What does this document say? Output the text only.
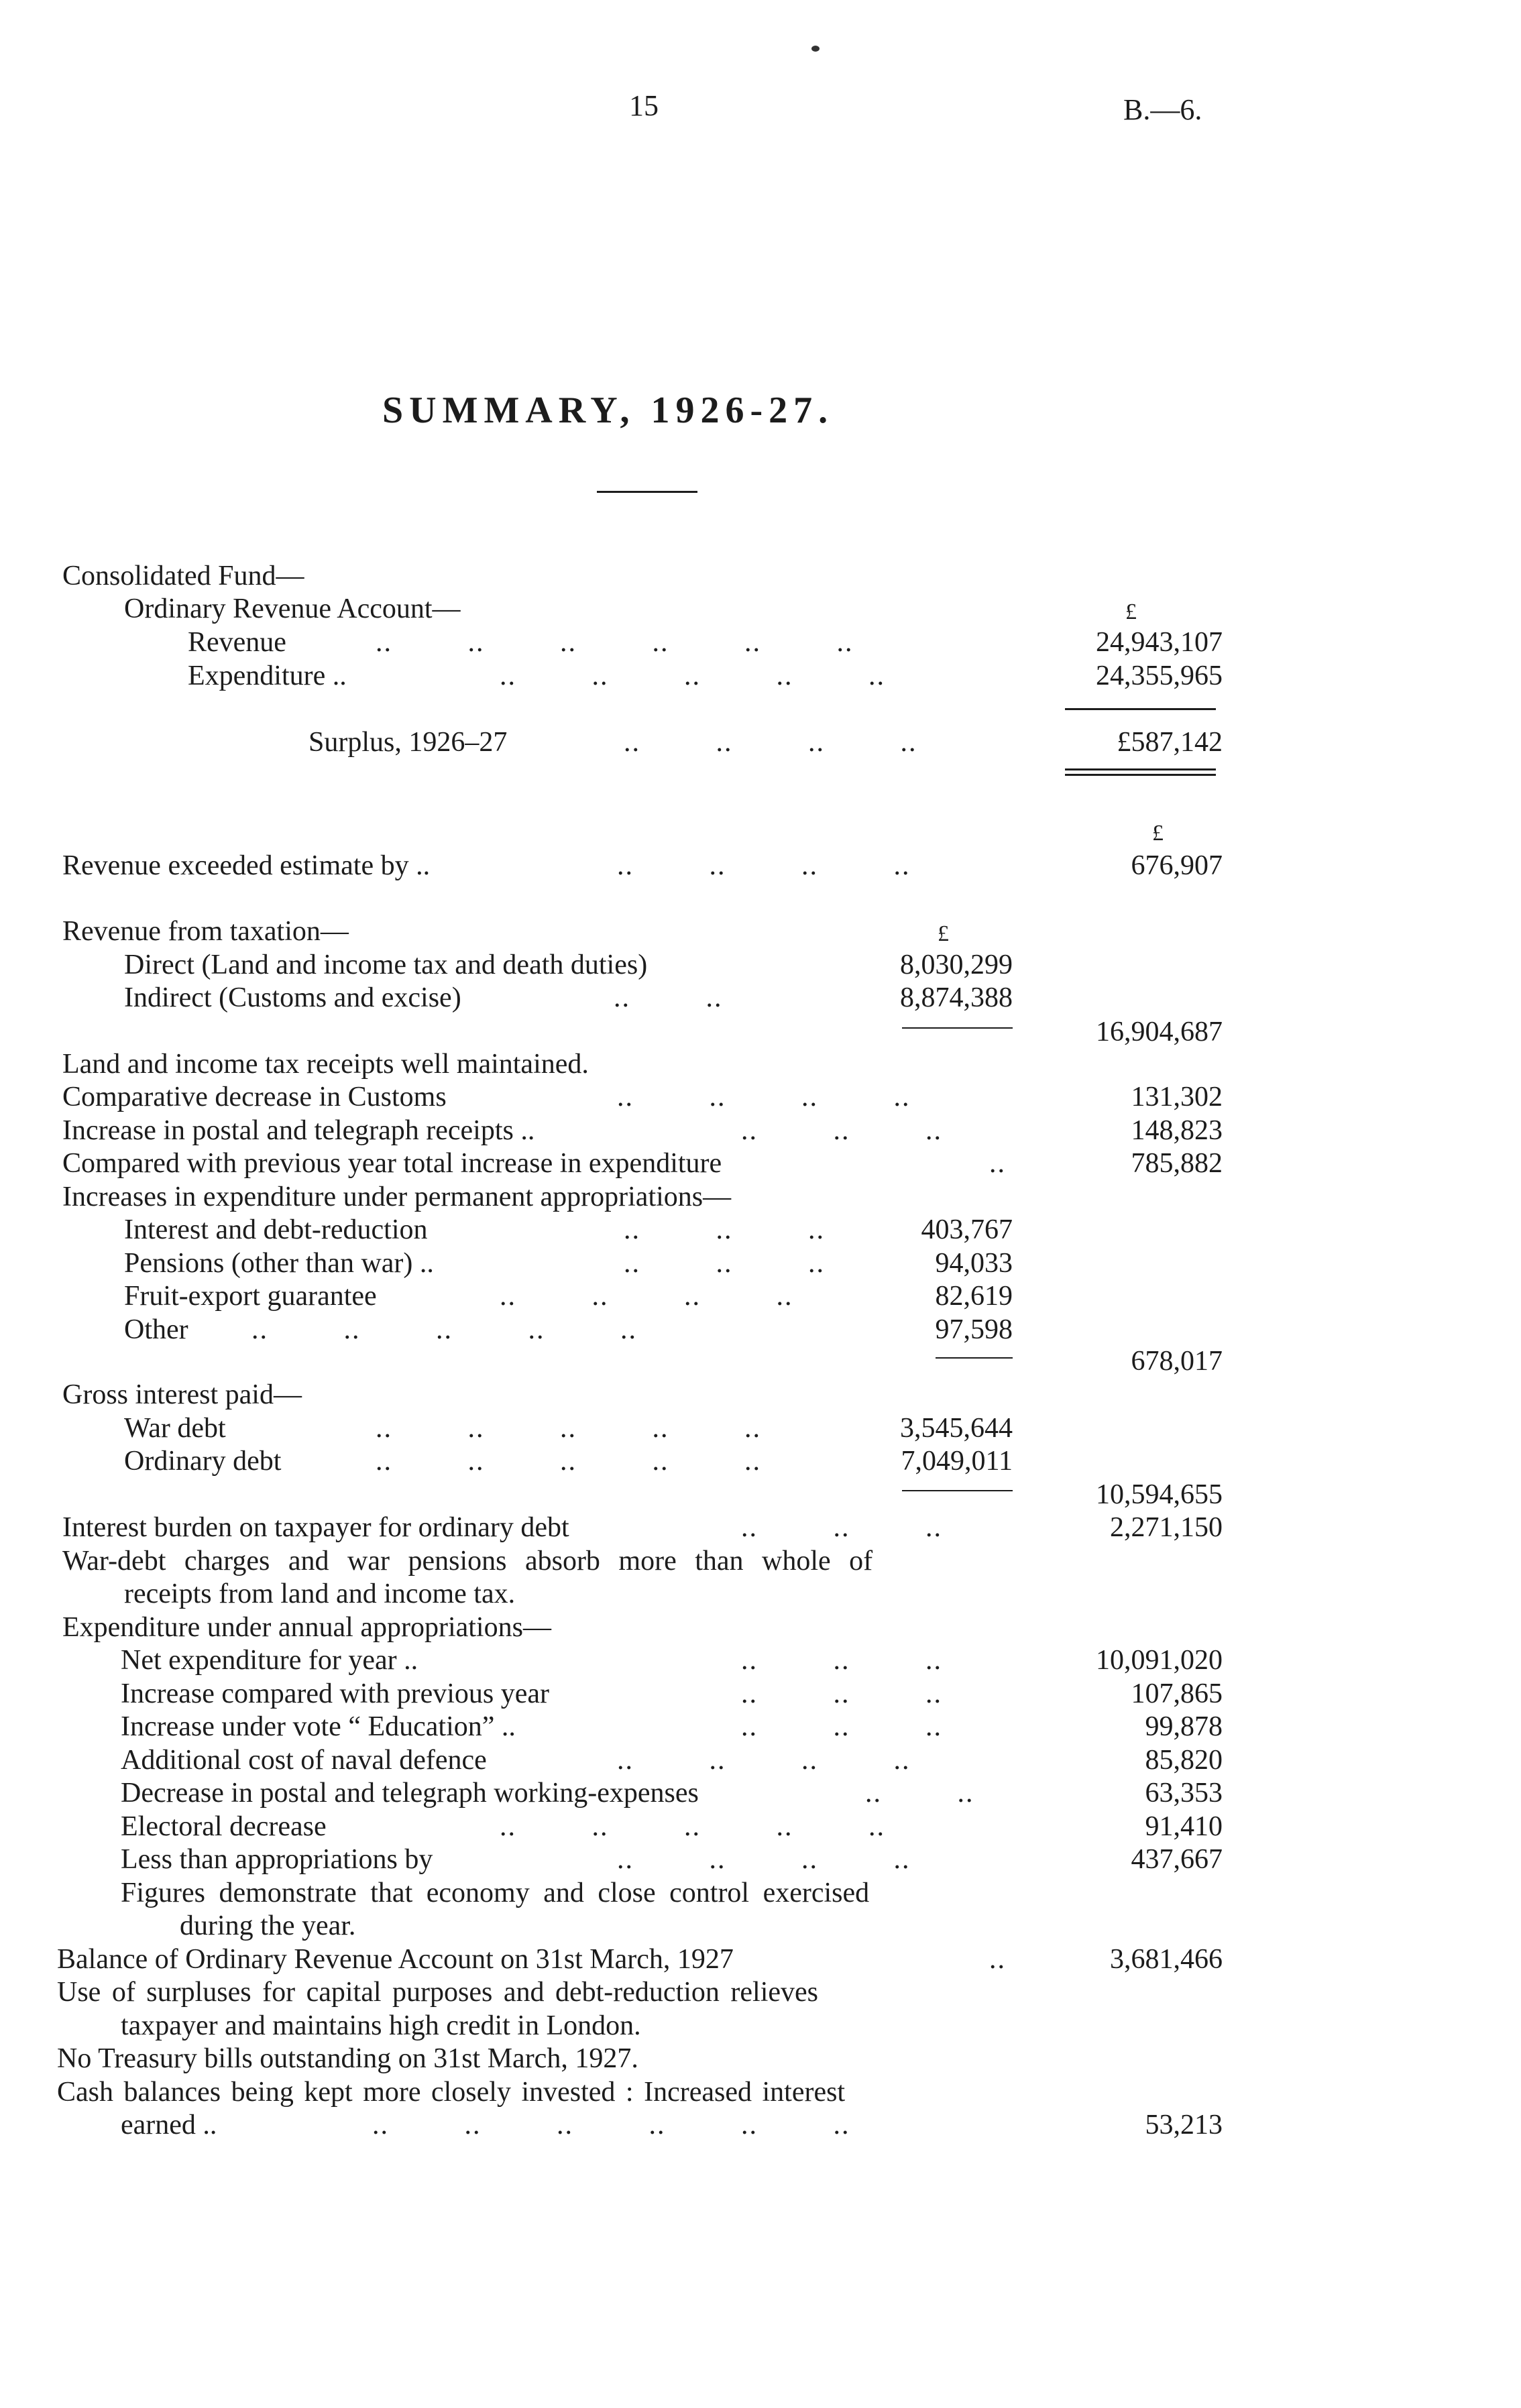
15	B.—6.
SUMMARY, 1926-27.
Consolidated Fund—
Ordinary Revenue Account—	£
Revenue	..         ..         ..         ..         ..         ..	24,943,107
Expenditure ..	..         ..         ..         ..         ..	24,355,965
Surplus, 1926–27	..         ..         ..         ..	£587,142
£
Revenue exceeded estimate by ..	..         ..         ..         ..	676,907
Revenue from taxation—	£
Direct (Land and income tax and death duties)	8,030,299
Indirect (Customs and excise)	..         ..	8,874,388
16,904,687
Land and income tax receipts well maintained.
Comparative decrease in Customs	..         ..         ..         ..	131,302
Increase in postal and telegraph receipts ..	..         ..         ..	148,823
Compared with previous year total increase in expenditure	..	785,882
Increases in expenditure under permanent appropriations—
Interest and debt-reduction	..         ..         ..	403,767
Pensions (other than war) ..	..         ..         ..	94,033
Fruit-export guarantee	..         ..         ..         ..	82,619
Other ..         ..         ..         ..         ..	97,598
678,017
Gross interest paid—
War debt	..         ..         ..         ..         ..	3,545,644
Ordinary debt	..         ..         ..         ..         ..	7,049,011
10,594,655
Interest burden on taxpayer for ordinary debt	..         ..         ..	2,271,150
War-debt charges and war pensions absorb more than whole of
receipts from land and income tax.
Expenditure under annual appropriations—
Net expenditure for year ..	..         ..         ..	10,091,020
Increase compared with previous year	..         ..         ..	107,865
Increase under vote “ Education” ..	..         ..         ..	99,878
Additional cost of naval defence	..         ..         ..         ..	85,820
Decrease in postal and telegraph working-expenses	..         ..	63,353
Electoral decrease	..         ..         ..         ..         ..	91,410
Less than appropriations by	..         ..         ..         ..	437,667
Figures demonstrate that economy and close control exercised
during the year.
Balance of Ordinary Revenue Account on 31st March, 1927	..	3,681,466
Use of surpluses for capital purposes and debt-reduction relieves
taxpayer and maintains high credit in London.
No Treasury bills outstanding on 31st March, 1927.
Cash balances being kept more closely invested : Increased interest
earned ..	..         ..         ..         ..         ..         ..	53,213
